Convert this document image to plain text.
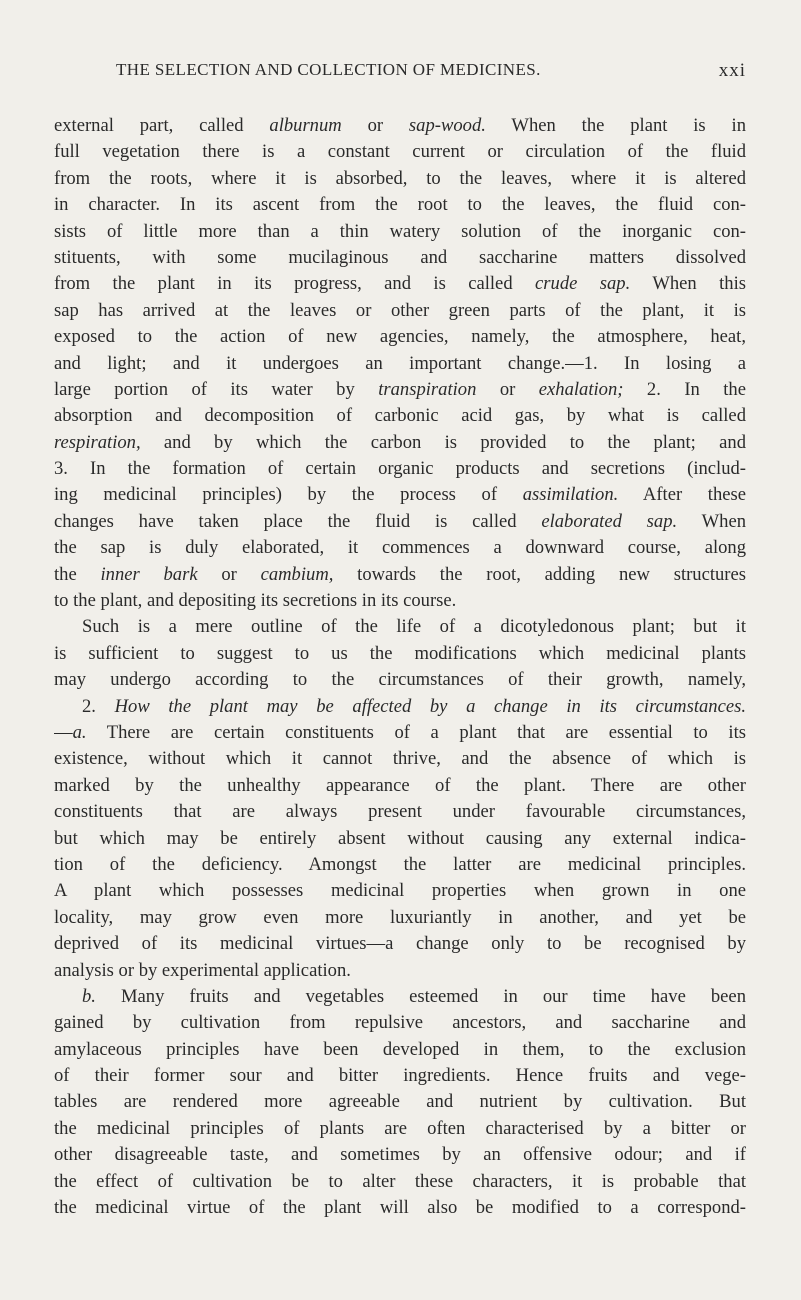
THE SELECTION AND COLLECTION OF MEDICINES.	xxi
external part, called alburnum or sap-wood. When the plant is in
full vegetation there is a constant current or circulation of the fluid
from the roots, where it is absorbed, to the leaves, where it is altered
in character. In its ascent from the root to the leaves, the fluid con-
sists of little more than a thin watery solution of the inorganic con-
stituents, with some mucilaginous and saccharine matters dissolved
from the plant in its progress, and is called crude sap. When this
sap has arrived at the leaves or other green parts of the plant, it is
exposed to the action of new agencies, namely, the atmosphere, heat,
and light; and it undergoes an important change.—1. In losing a
large portion of its water by transpiration or exhalation; 2. In the
absorption and decomposition of carbonic acid gas, by what is called
respiration, and by which the carbon is provided to the plant; and
3. In the formation of certain organic products and secretions (includ-
ing medicinal principles) by the process of assimilation. After these
changes have taken place the fluid is called elaborated sap. When
the sap is duly elaborated, it commences a downward course, along
the inner bark or cambium, towards the root, adding new structures
to the plant, and depositing its secretions in its course.
Such is a mere outline of the life of a dicotyledonous plant; but it
is sufficient to suggest to us the modifications which medicinal plants
may undergo according to the circumstances of their growth, namely,
2. How the plant may be affected by a change in its circumstances.
—a. There are certain constituents of a plant that are essential to its
existence, without which it cannot thrive, and the absence of which is
marked by the unhealthy appearance of the plant. There are other
constituents that are always present under favourable circumstances,
but which may be entirely absent without causing any external indica-
tion of the deficiency. Amongst the latter are medicinal principles.
A plant which possesses medicinal properties when grown in one
locality, may grow even more luxuriantly in another, and yet be
deprived of its medicinal virtues—a change only to be recognised by
analysis or by experimental application.
b. Many fruits and vegetables esteemed in our time have been
gained by cultivation from repulsive ancestors, and saccharine and
amylaceous principles have been developed in them, to the exclusion
of their former sour and bitter ingredients. Hence fruits and vege-
tables are rendered more agreeable and nutrient by cultivation. But
the medicinal principles of plants are often characterised by a bitter or
other disagreeable taste, and sometimes by an offensive odour; and if
the effect of cultivation be to alter these characters, it is probable that
the medicinal virtue of the plant will also be modified to a correspond-
